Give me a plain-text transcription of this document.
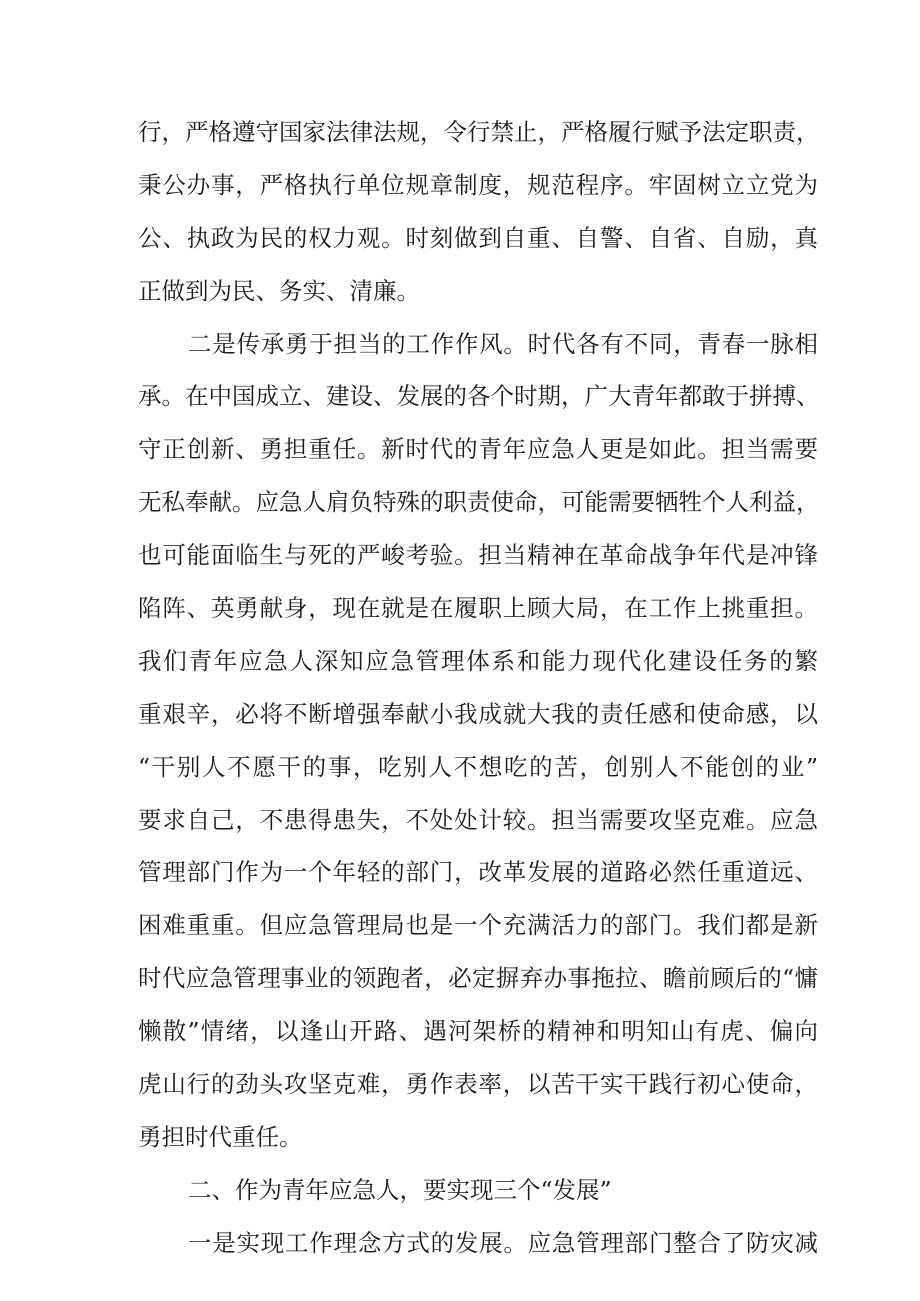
行，严格遵守国家法律法规，令行禁止，严格履行赋予法定职责，
秉公办事，严格执行单位规章制度，规范程序。牢固树立立党为
公、执政为民的权力观。时刻做到自重、自警、自省、自励，真
正做到为民、务实、清廉。
二是传承勇于担当的工作作风。时代各有不同，青春一脉相
承。在中国成立、建设、发展的各个时期，广大青年都敢于拼搏、
守正创新、勇担重任。新时代的青年应急人更是如此。担当需要
无私奉献。应急人肩负特殊的职责使命，可能需要牺牲个人利益，
也可能面临生与死的严峻考验。担当精神在革命战争年代是冲锋
陷阵、英勇献身，现在就是在履职上顾大局，在工作上挑重担。
我们青年应急人深知应急管理体系和能力现代化建设任务的繁
重艰辛，必将不断增强奉献小我成就大我的责任感和使命感，以
“干别人不愿干的事，吃别人不想吃的苦，创别人不能创的业”
要求自己，不患得患失，不处处计较。担当需要攻坚克难。应急
管理部门作为一个年轻的部门，改革发展的道路必然任重道远、
困难重重。但应急管理局也是一个充满活力的部门。我们都是新
时代应急管理事业的领跑者，必定摒弃办事拖拉、瞻前顾后的“慵
懒散”情绪，以逢山开路、遇河架桥的精神和明知山有虎、偏向
虎山行的劲头攻坚克难，勇作表率，以苦干实干践行初心使命，
勇担时代重任。
二、作为青年应急人，要实现三个“发展”
一是实现工作理念方式的发展。应急管理部门整合了防灾减
